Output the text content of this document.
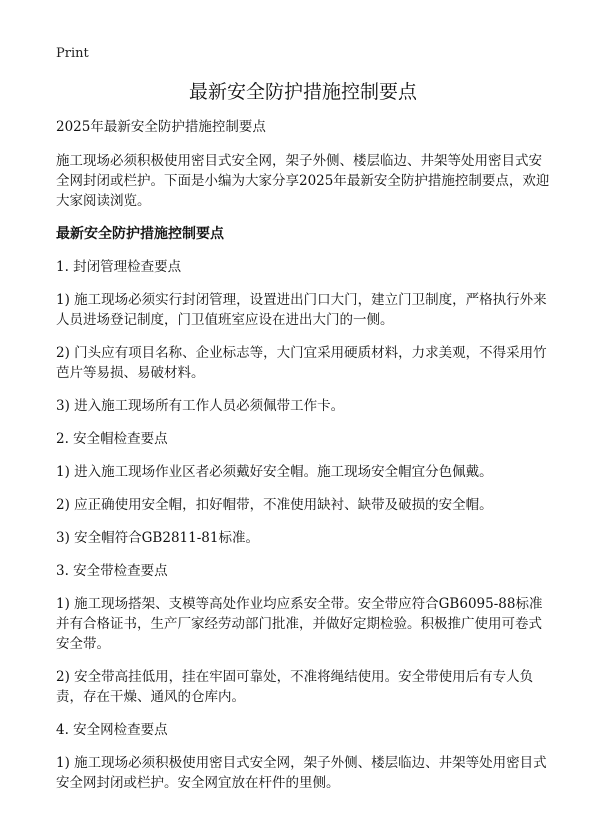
Print
最新安全防护措施控制要点

2025年最新安全防护措施控制要点

施工现场必须积极使用密目式安全网，架子外侧、楼层临边、井架等处用密目式安全网封闭或栏护。下面是小编为大家分享2025年最新安全防护措施控制要点，欢迎大家阅读浏览。

最新安全防护措施控制要点

1. 封闭管理检查要点

1) 施工现场必须实行封闭管理，设置进出门口大门，建立门卫制度，严格执行外来人员进场登记制度，门卫值班室应设在进出大门的一侧。

2) 门头应有项目名称、企业标志等，大门宜采用硬质材料，力求美观，不得采用竹芭片等易损、易破材料。

3) 进入施工现场所有工作人员必须佩带工作卡。

2. 安全帽检查要点

1) 进入施工现场作业区者必须戴好安全帽。施工现场安全帽宜分色佩戴。

2) 应正确使用安全帽，扣好帽带，不准使用缺衬、缺带及破损的安全帽。

3) 安全帽符合GB2811-81标准。

3. 安全带检查要点

1) 施工现场搭架、支模等高处作业均应系安全带。安全带应符合GB6095-88标准并有合格证书，生产厂家经劳动部门批准，并做好定期检验。积极推广使用可卷式安全带。

2) 安全带高挂低用，挂在牢固可靠处，不准将绳结使用。安全带使用后有专人负责，存在干燥、通风的仓库内。

4. 安全网检查要点

1) 施工现场必须积极使用密目式安全网，架子外侧、楼层临边、井架等处用密目式安全网封闭或栏护。安全网宜放在杆件的里侧。
